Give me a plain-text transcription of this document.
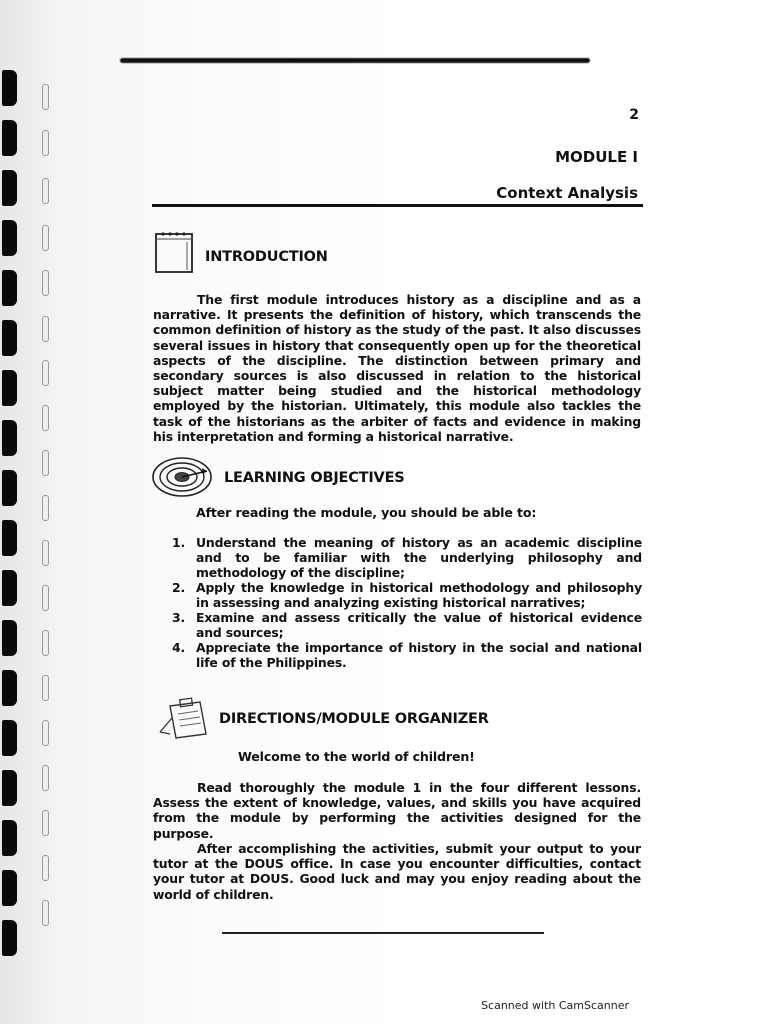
2
MODULE I
Context Analysis
INTRODUCTION
The first module introduces history as a discipline and as a narrative. It presents the definition of history, which transcends the common definition of history as the study of the past. It also discusses several issues in history that consequently open up for the theoretical aspects of the discipline. The distinction between primary and secondary sources is also discussed in relation to the historical subject matter being studied and the historical methodology employed by the historian. Ultimately, this module also tackles the task of the historians as the arbiter of facts and evidence in making his interpretation and forming a historical narrative.
LEARNING OBJECTIVES
After reading the module, you should be able to:
1. Understand the meaning of history as an academic discipline and to be familiar with the underlying philosophy and methodology of the discipline;
2. Apply the knowledge in historical methodology and philosophy in assessing and analyzing existing historical narratives;
3. Examine and assess critically the value of historical evidence and sources;
4. Appreciate the importance of history in the social and national life of the Philippines.
DIRECTIONS/MODULE ORGANIZER
Welcome to the world of children!
Read thoroughly the module 1 in the four different lessons. Assess the extent of knowledge, values, and skills you have acquired from the module by performing the activities designed for the purpose.
After accomplishing the activities, submit your output to your tutor at the DOUS office. In case you encounter difficulties, contact your tutor at DOUS. Good luck and may you enjoy reading about the world of children.
Scanned with CamScanner
